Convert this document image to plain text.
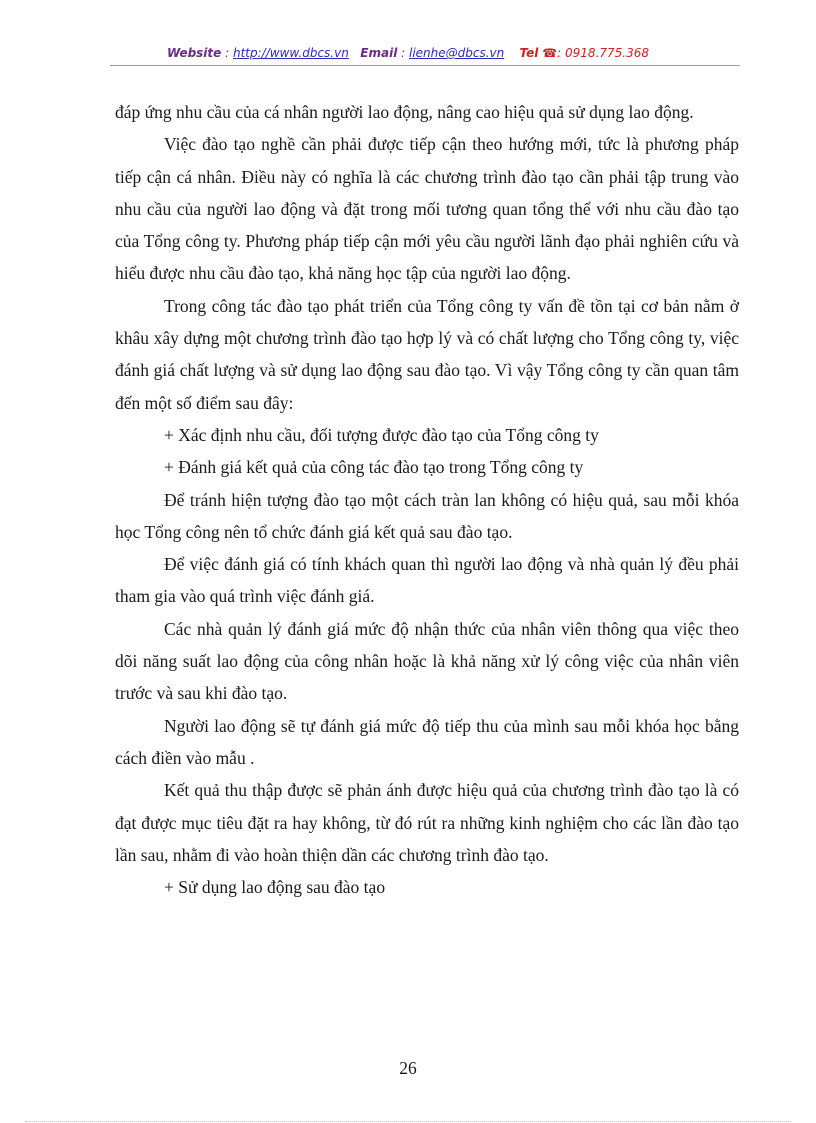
Website : http://www.dbcs.vn Email : lienhe@dbcs.vn Tel ☎: 0918.775.368

đáp ứng nhu cầu của cá nhân người lao động, nâng cao hiệu quả sử dụng lao động.

Việc đào tạo nghề cần phải được tiếp cận theo hướng mới, tức là phương pháp tiếp cận cá nhân. Điều này có nghĩa là các chương trình đào tạo cần phải tập trung vào nhu cầu của người lao động và đặt trong mối tương quan tổng thể với nhu cầu đào tạo của Tổng công ty. Phương pháp tiếp cận mới yêu cầu người lãnh đạo phải nghiên cứu và hiểu được nhu cầu đào tạo, khả năng học tập của người lao động.

Trong công tác đào tạo phát triển của Tổng công ty vấn đề tồn tại cơ bản nằm ở khâu xây dựng một chương trình đào tạo hợp lý và có chất lượng cho Tổng công ty, việc đánh giá chất lượng và sử dụng lao động sau đào tạo. Vì vậy Tổng công ty cần quan tâm đến một số điểm sau đây:

+ Xác định nhu cầu, đối tượng được đào tạo của Tổng công ty

+ Đánh giá kết quả của công tác đào tạo trong Tổng công ty

Để tránh hiện tượng đào tạo một cách tràn lan không có hiệu quả, sau mỗi khóa học Tổng công nên tổ chức đánh giá kết quả sau đào tạo.

Để việc đánh giá có tính khách quan thì người lao động và nhà quản lý đều phải tham gia vào quá trình việc đánh giá.

Các nhà quản lý đánh giá mức độ nhận thức của nhân viên thông qua việc theo dõi năng suất lao động của công nhân hoặc là khả năng xử lý công việc của nhân viên trước và sau khi đào tạo.

Người lao động sẽ tự đánh giá mức độ tiếp thu của mình sau mỗi khóa học bằng cách điền vào mẫu .

Kết quả thu thập được sẽ phản ánh được hiệu quả của chương trình đào tạo là có đạt được mục tiêu đặt ra hay không, từ đó rút ra những kinh nghiệm cho các lần đào tạo lần sau, nhằm đi vào hoàn thiện dần các chương trình đào tạo.

+ Sử dụng lao động sau đào tạo

26
